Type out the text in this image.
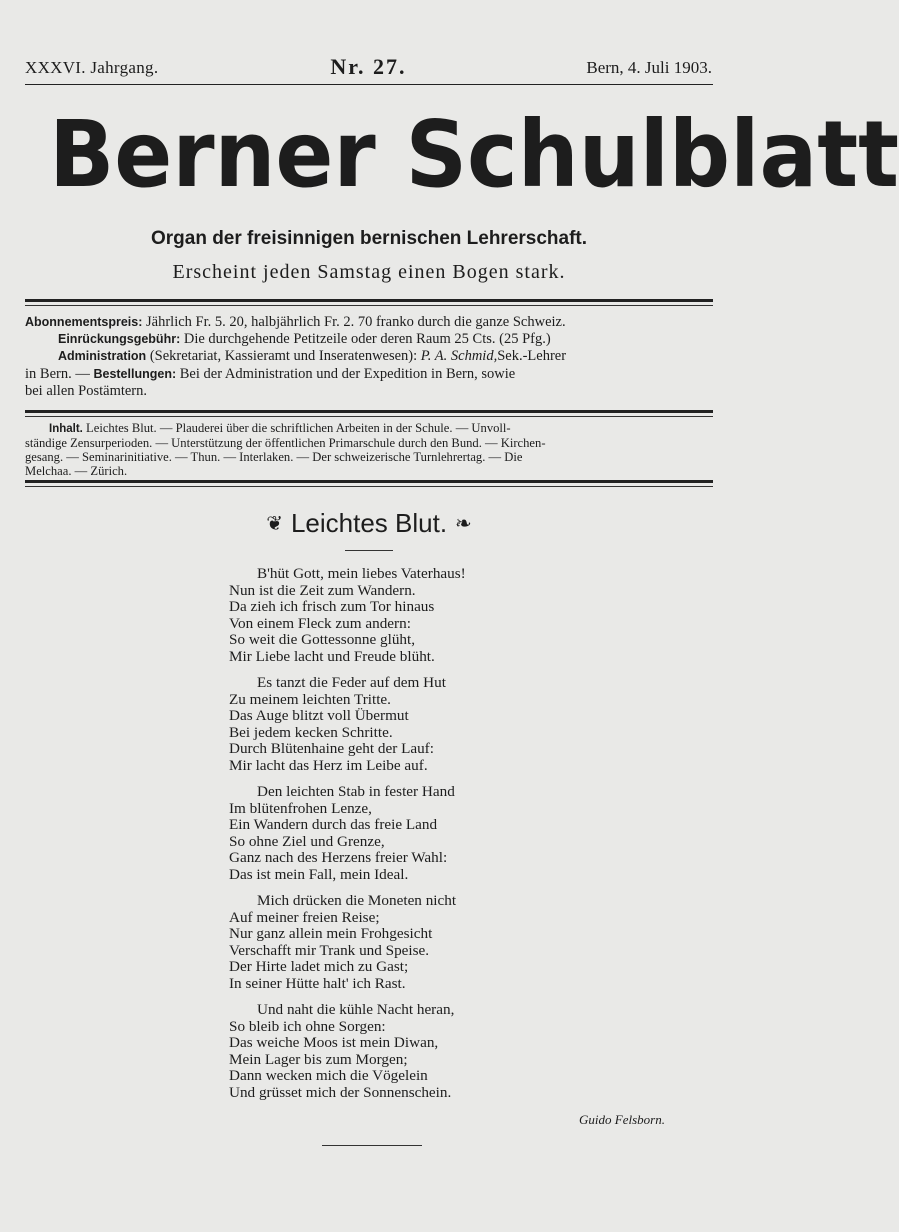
XXXVI. Jahrgang.	Nr. 27.	Bern, 4. Juli 1903.
Berner Schulblatt
Organ der freisinnigen bernischen Lehrerschaft.
Erscheint jeden Samstag einen Bogen stark.
Abonnementspreis: Jährlich Fr. 5. 20, halbjährlich Fr. 2. 70 franko durch die ganze Schweiz.
Einrückungsgebühr: Die durchgehende Petitzeile oder deren Raum 25 Cts. (25 Pfg.)
Administration (Sekretariat, Kassieramt und Inseratenwesen): P. A. Schmid,Sek.-Lehrer
in Bern. — Bestellungen: Bei der Administration und der Expedition in Bern, sowie
bei allen Postämtern.
Inhalt. Leichtes Blut. — Plauderei über die schriftlichen Arbeiten in der Schule. — Unvoll-
ständige Zensurperioden. — Unterstützung der öffentlichen Primarschule durch den Bund. — Kirchen-
gesang. — Seminarinitiative. — Thun. — Interlaken. — Der schweizerische Turnlehrertag. — Die
Melchaa. — Zürich.
❦ Leichtes Blut. ❧
B'hüt Gott, mein liebes Vaterhaus!
Nun ist die Zeit zum Wandern.
Da zieh ich frisch zum Tor hinaus
Von einem Fleck zum andern:
So weit die Gottessonne glüht,
Mir Liebe lacht und Freude blüht.
Es tanzt die Feder auf dem Hut
Zu meinem leichten Tritte.
Das Auge blitzt voll Übermut
Bei jedem kecken Schritte.
Durch Blütenhaine geht der Lauf:
Mir lacht das Herz im Leibe auf.
Den leichten Stab in fester Hand
Im blütenfrohen Lenze,
Ein Wandern durch das freie Land
So ohne Ziel und Grenze,
Ganz nach des Herzens freier Wahl:
Das ist mein Fall, mein Ideal.
Mich drücken die Moneten nicht
Auf meiner freien Reise;
Nur ganz allein mein Frohgesicht
Verschafft mir Trank und Speise.
Der Hirte ladet mich zu Gast;
In seiner Hütte halt' ich Rast.
Und naht die kühle Nacht heran,
So bleib ich ohne Sorgen:
Das weiche Moos ist mein Diwan,
Mein Lager bis zum Morgen;
Dann wecken mich die Vögelein
Und grüsset mich der Sonnenschein.
Guido Felsborn.
